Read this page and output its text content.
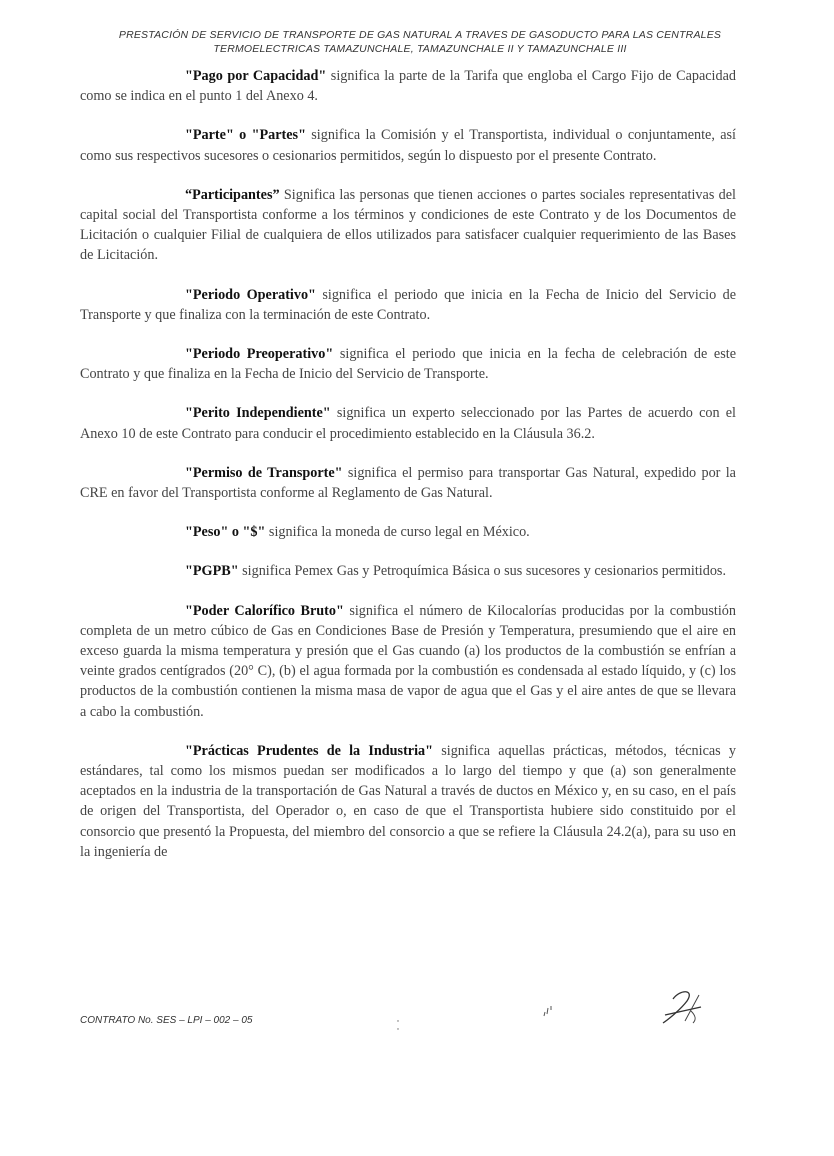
PRESTACIÓN DE SERVICIO DE TRANSPORTE DE GAS NATURAL A TRAVES DE GASODUCTO PARA LAS CENTRALES
TERMOELECTRICAS TAMAZUNCHALE, TAMAZUNCHALE II Y TAMAZUNCHALE III

"Pago por Capacidad" significa la parte de la Tarifa que engloba el Cargo Fijo de Capacidad como se indica en el punto 1 del Anexo 4.

"Parte" o "Partes" significa la Comisión y el Transportista, individual o conjuntamente, así como sus respectivos sucesores o cesionarios permitidos, según lo dispuesto por el presente Contrato.

“Participantes” Significa las personas que tienen acciones o partes sociales representativas del capital social del Transportista conforme a los términos y condiciones de este Contrato y de los Documentos de Licitación o cualquier Filial de cualquiera de ellos utilizados para satisfacer cualquier requerimiento de las Bases de Licitación.

"Periodo Operativo" significa el periodo que inicia en la Fecha de Inicio del Servicio de Transporte y que finaliza con la terminación de este Contrato.

"Periodo Preoperativo" significa el periodo que inicia en la fecha de celebración de este Contrato y que finaliza en la Fecha de Inicio del Servicio de Transporte.

"Perito Independiente" significa un experto seleccionado por las Partes de acuerdo con el Anexo 10 de este Contrato para conducir el procedimiento establecido en la Cláusula 36.2.

"Permiso de Transporte" significa el permiso para transportar Gas Natural, expedido por la CRE en favor del Transportista conforme al Reglamento de Gas Natural.

"Peso" o "$" significa la moneda de curso legal en México.

"PGPB" significa Pemex Gas y Petroquímica Básica o sus sucesores y cesionarios permitidos.

"Poder Calorífico Bruto" significa el número de Kilocalorías producidas por la combustión completa de un metro cúbico de Gas en Condiciones Base de Presión y Temperatura, presumiendo que el aire en exceso guarda la misma temperatura y presión que el Gas cuando (a) los productos de la combustión se enfrían a veinte grados centígrados (20° C), (b) el agua formada por la combustión es condensada al estado líquido, y (c) los productos de la combustión contienen la misma masa de vapor de agua que el Gas y el aire antes de que se llevara a cabo la combustión.

"Prácticas Prudentes de la Industria" significa aquellas prácticas, métodos, técnicas y estándares, tal como los mismos puedan ser modificados a lo largo del tiempo y que (a) son generalmente aceptados en la industria de la transportación de Gas Natural a través de ductos en México y, en su caso, en el país de origen del Transportista, del Operador o, en caso de que el Transportista hubiere sido constituido por el consorcio que presentó la Propuesta, del miembro del consorcio a que se refiere la Cláusula 24.2(a), para su uso en la ingeniería de

CONTRATO No. SES – LPI – 002 – 05
